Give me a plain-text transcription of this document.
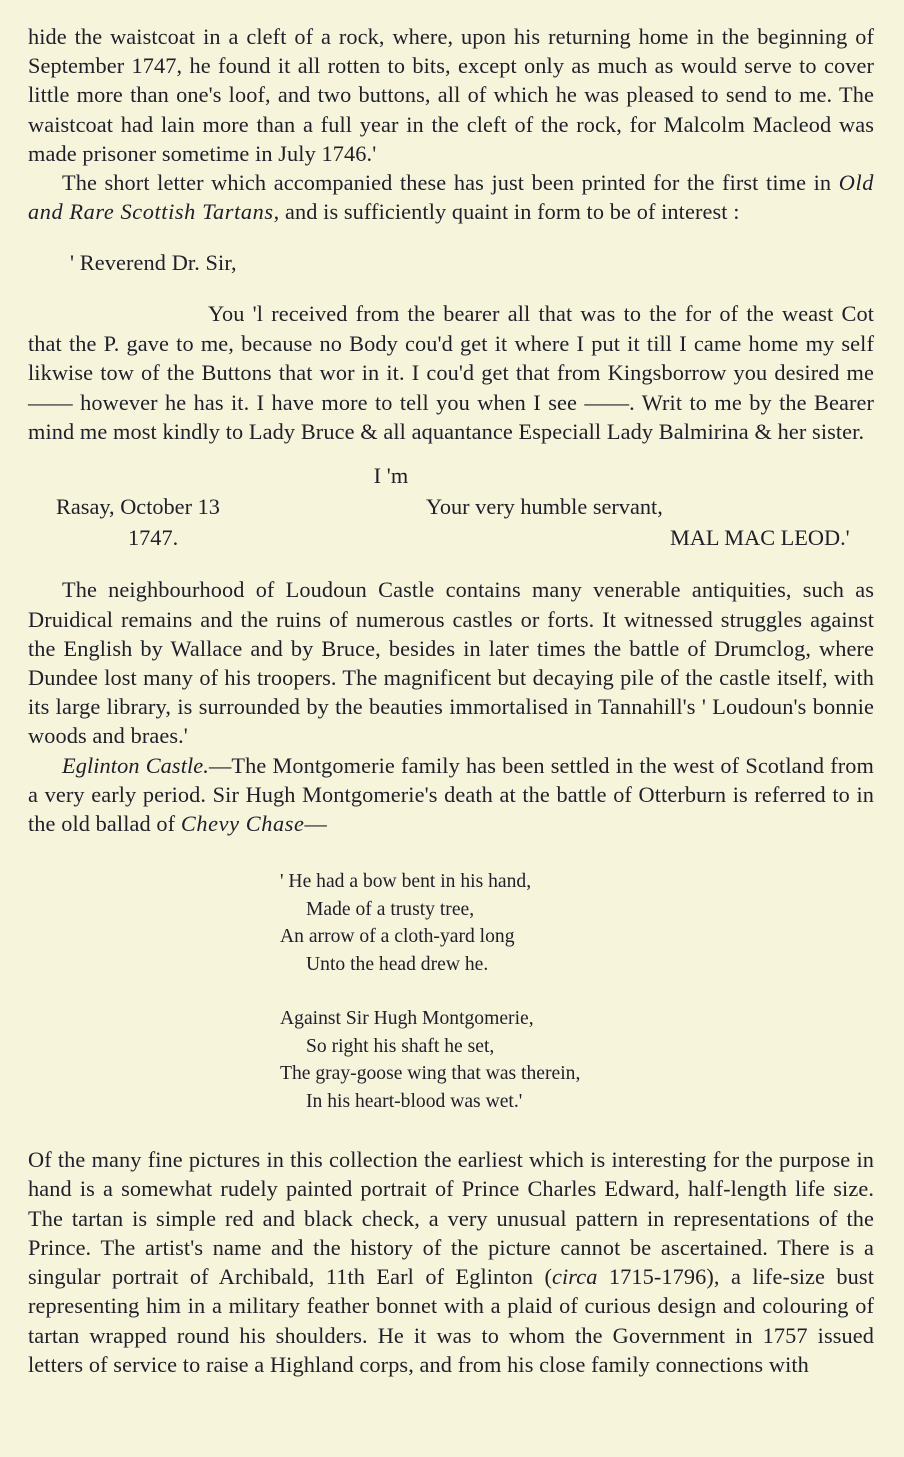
hide the waistcoat in a cleft of a rock, where, upon his returning home in the beginning of September 1747, he found it all rotten to bits, except only as much as would serve to cover little more than one's loof, and two buttons, all of which he was pleased to send to me. The waistcoat had lain more than a full year in the cleft of the rock, for Malcolm Macleod was made prisoner sometime in July 1746.'

The short letter which accompanied these has just been printed for the first time in Old and Rare Scottish Tartans, and is sufficiently quaint in form to be of interest :

' Reverend Dr. Sir,

You 'l received from the bearer all that was to the for of the weast Cot that the P. gave to me, because no Body cou'd get it where I put it till I came home my self likwise tow of the Buttons that wor in it. I cou'd get that from Kingsborrow you desired me —— however he has it. I have more to tell you when I see ——. Writ to me by the Bearer mind me most kindly to Lady Bruce & all aquantance Especiall Lady Balmirina & her sister.

I 'm

Rasay, October 13	Your very humble servant,
1747.	MAL MAC LEOD.'

The neighbourhood of Loudoun Castle contains many venerable antiquities, such as Druidical remains and the ruins of numerous castles or forts. It witnessed struggles against the English by Wallace and by Bruce, besides in later times the battle of Drumclog, where Dundee lost many of his troopers. The magnificent but decaying pile of the castle itself, with its large library, is surrounded by the beauties immortalised in Tannahill's ' Loudoun's bonnie woods and braes.'

Eglinton Castle.—The Montgomerie family has been settled in the west of Scotland from a very early period. Sir Hugh Montgomerie's death at the battle of Otterburn is referred to in the old ballad of Chevy Chase—

' He had a bow bent in his hand,
Made of a trusty tree,
An arrow of a cloth-yard long
Unto the head drew he.
Against Sir Hugh Montgomerie,
So right his shaft he set,
The gray-goose wing that was therein,
In his heart-blood was wet.'

Of the many fine pictures in this collection the earliest which is interesting for the purpose in hand is a somewhat rudely painted portrait of Prince Charles Edward, half-length life size. The tartan is simple red and black check, a very unusual pattern in representations of the Prince. The artist's name and the history of the picture cannot be ascertained. There is a singular portrait of Archibald, 11th Earl of Eglinton (circa 1715-1796), a life-size bust representing him in a military feather bonnet with a plaid of curious design and colouring of tartan wrapped round his shoulders. He it was to whom the Government in 1757 issued letters of service to raise a Highland corps, and from his close family connections with
